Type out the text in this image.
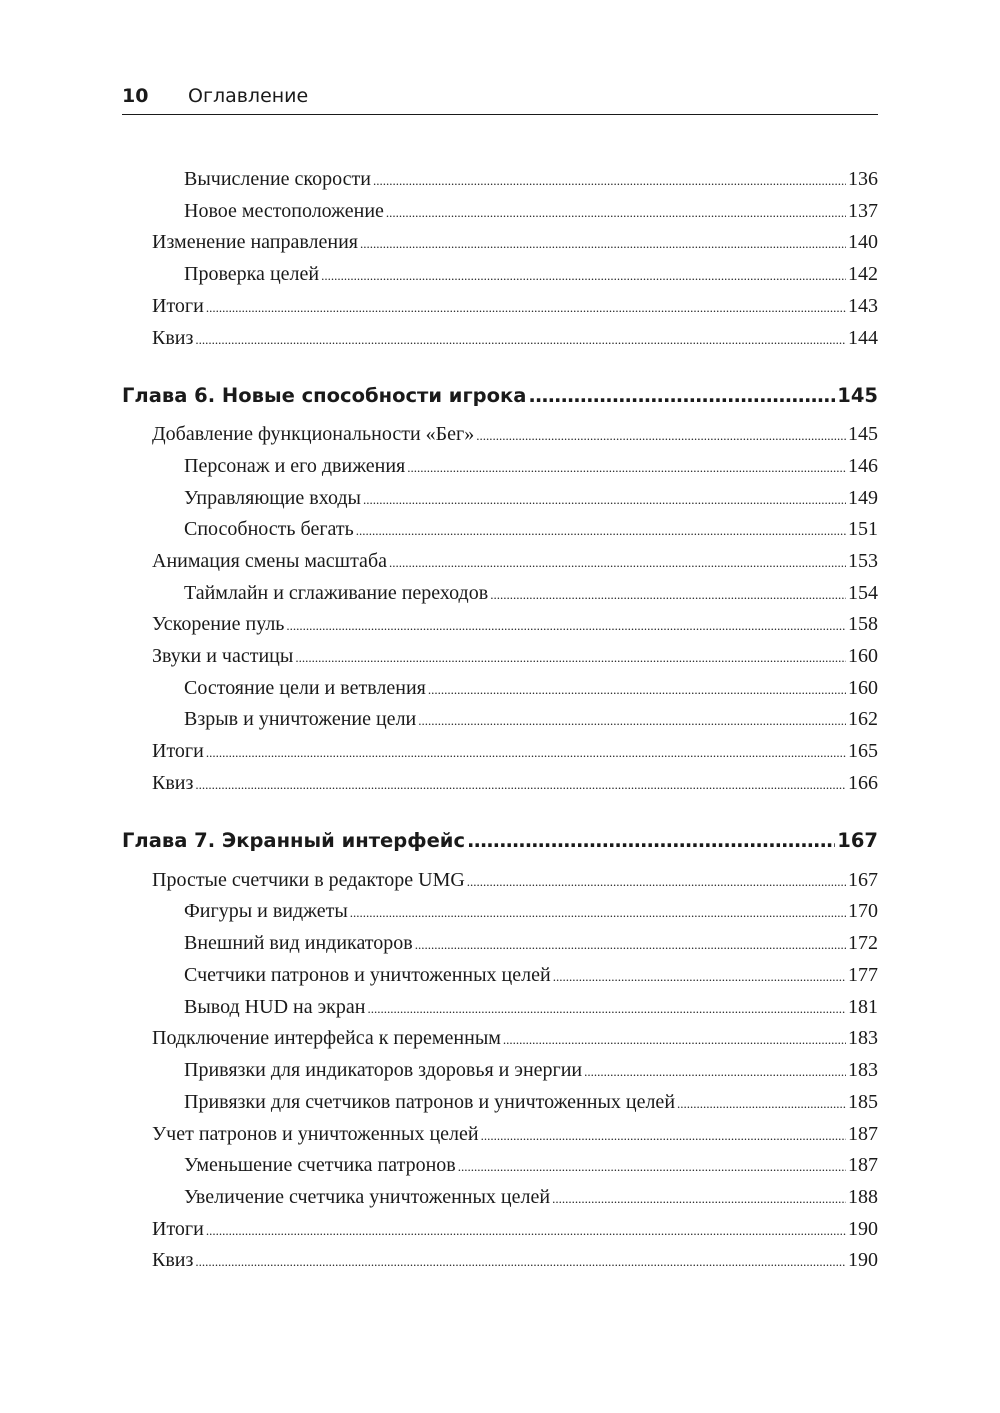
10 Оглавление
Вычисление скорости .....	136
Новое местоположение .....	137
Изменение направления .....	140
Проверка целей .....	142
Итоги .....	143
Квиз .....	144
Глава 6. Новые способности игрока .....	145
Добавление функциональности «Бег» .....	145
Персонаж и его движения .....	146
Управляющие входы .....	149
Способность бегать .....	151
Анимация смены масштаба .....	153
Таймлайн и сглаживание переходов .....	154
Ускорение пуль .....	158
Звуки и частицы .....	160
Состояние цели и ветвления .....	160
Взрыв и уничтожение цели .....	162
Итоги .....	165
Квиз .....	166
Глава 7. Экранный интерфейс .....	167
Простые счетчики в редакторе UMG .....	167
Фигуры и виджеты .....	170
Внешний вид индикаторов .....	172
Счетчики патронов и уничтоженных целей .....	177
Вывод HUD на экран .....	181
Подключение интерфейса к переменным .....	183
Привязки для индикаторов здоровья и энергии .....	183
Привязки для счетчиков патронов и уничтоженных целей .....	185
Учет патронов и уничтоженных целей .....	187
Уменьшение счетчика патронов .....	187
Увеличение счетчика уничтоженных целей .....	188
Итоги .....	190
Квиз .....	190
